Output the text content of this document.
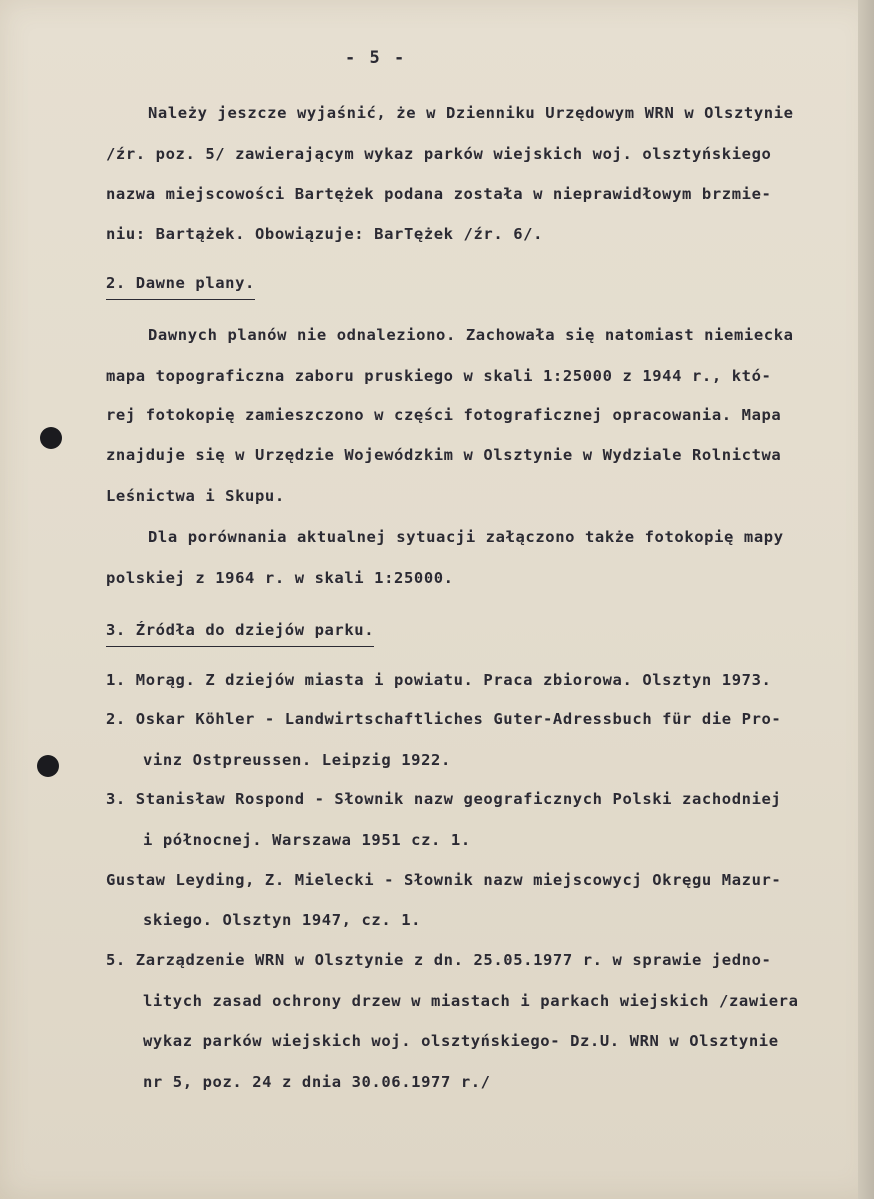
- 5 -
Należy jeszcze wyjaśnić, że w Dzienniku Urzędowym WRN w Olsztynie
/źr. poz. 5/ zawierającym wykaz parków wiejskich woj. olsztyńskiego
nazwa miejscowości Bartężek podana została w nieprawidłowym brzmie-
niu: Bartążek. Obowiązuje: BarTężek /źr. 6/.
2. Dawne plany.
Dawnych planów nie odnaleziono. Zachowała się natomiast niemiecka
mapa topograficzna zaboru pruskiego w skali 1:25000 z 1944 r., któ-
rej fotokopię zamieszczono w części fotograficznej opracowania. Mapa
znajduje się w Urzędzie Wojewódzkim w Olsztynie w Wydziale Rolnictwa
Leśnictwa i Skupu.
Dla porównania aktualnej sytuacji załączono także fotokopię mapy
polskiej z 1964 r. w skali 1:25000.
3. Źródła do dziejów parku.
1. Morąg. Z dziejów miasta i powiatu. Praca zbiorowa. Olsztyn 1973.
2. Oskar Köhler - Landwirtschaftliches Guter-Adressbuch für die Pro-
vinz Ostpreussen. Leipzig 1922.
3. Stanisław Rospond - Słownik nazw geograficznych Polski zachodniej
i północnej. Warszawa 1951 cz. 1.
Gustaw Leyding, Z. Mielecki - Słownik nazw miejscowycj Okręgu Mazur-
skiego. Olsztyn 1947, cz. 1.
5. Zarządzenie WRN w Olsztynie z dn. 25.05.1977 r. w sprawie jedno-
litych zasad ochrony drzew w miastach i parkach wiejskich /zawiera
wykaz parków wiejskich woj. olsztyńskiego- Dz.U. WRN w Olsztynie
nr 5, poz. 24 z dnia 30.06.1977 r./
